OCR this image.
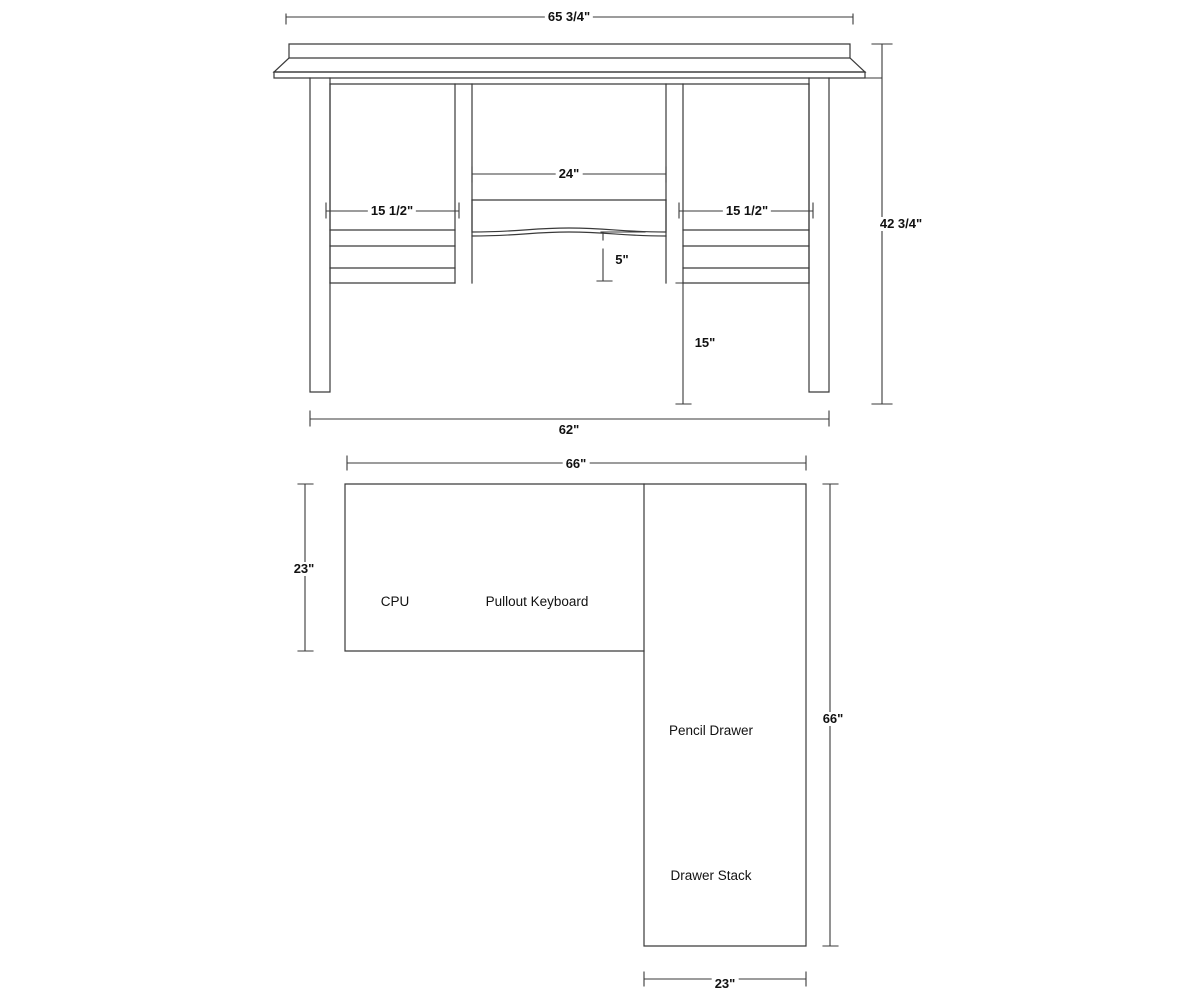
65 3/4"
24"
15 1/2"	15 1/2"
5"
42 3/4"
15"
62"
66"
23"
66"
23"
CPU	Pullout Keyboard
Pencil Drawer
Drawer Stack
